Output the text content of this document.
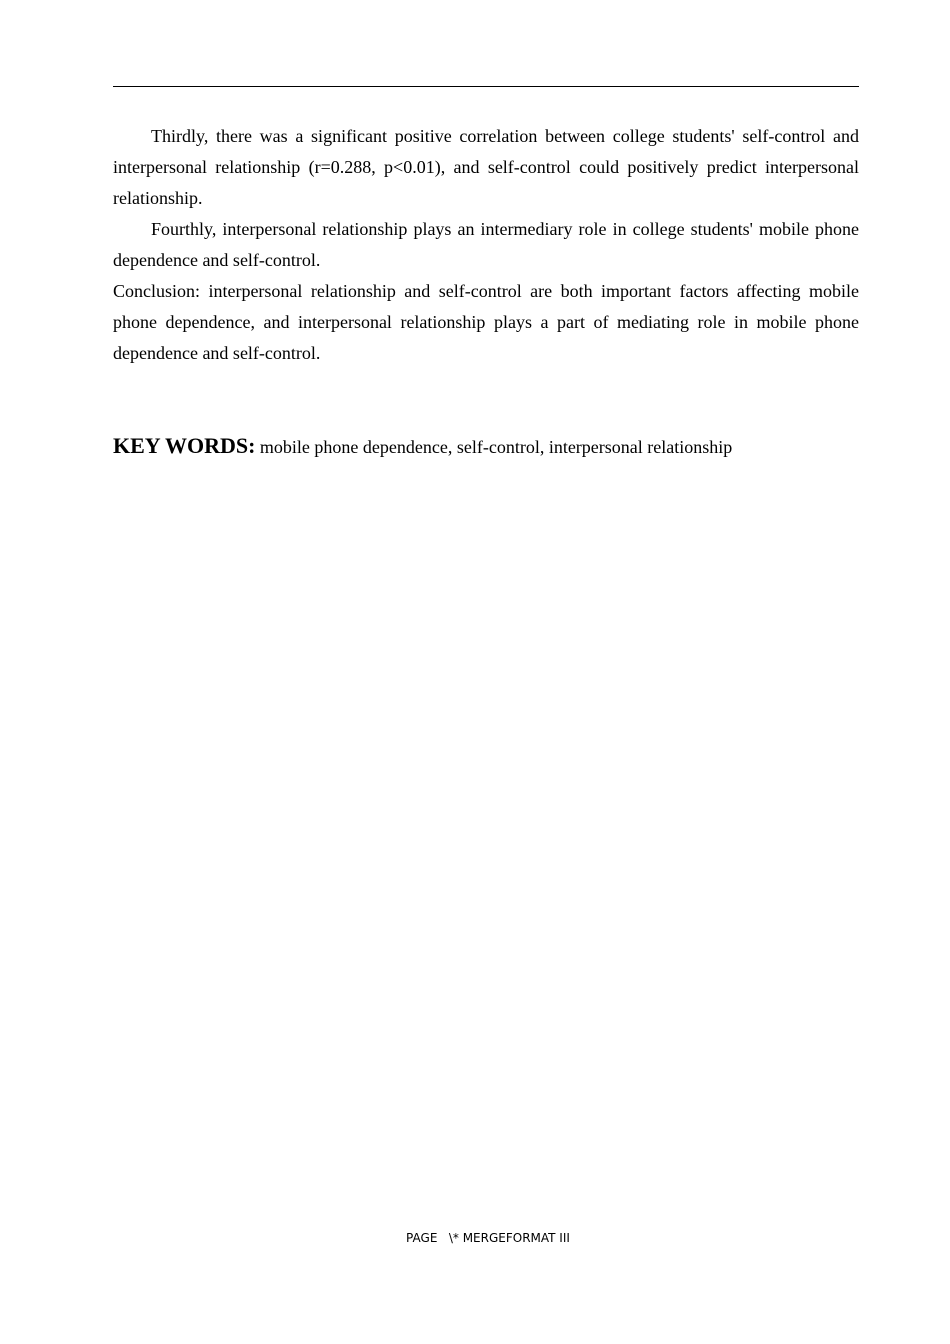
Thirdly, there was a significant positive correlation between college students' self-control and interpersonal relationship (r=0.288, p<0.01), and self-control could positively predict interpersonal relationship.

Fourthly, interpersonal relationship plays an intermediary role in college students' mobile phone dependence and self-control.

Conclusion: interpersonal relationship and self-control are both important factors affecting mobile phone dependence, and interpersonal relationship plays a part of mediating role in mobile phone dependence and self-control.

KEY WORDS: mobile phone dependence, self-control, interpersonal relationship
PAGE   \* MERGEFORMAT III
